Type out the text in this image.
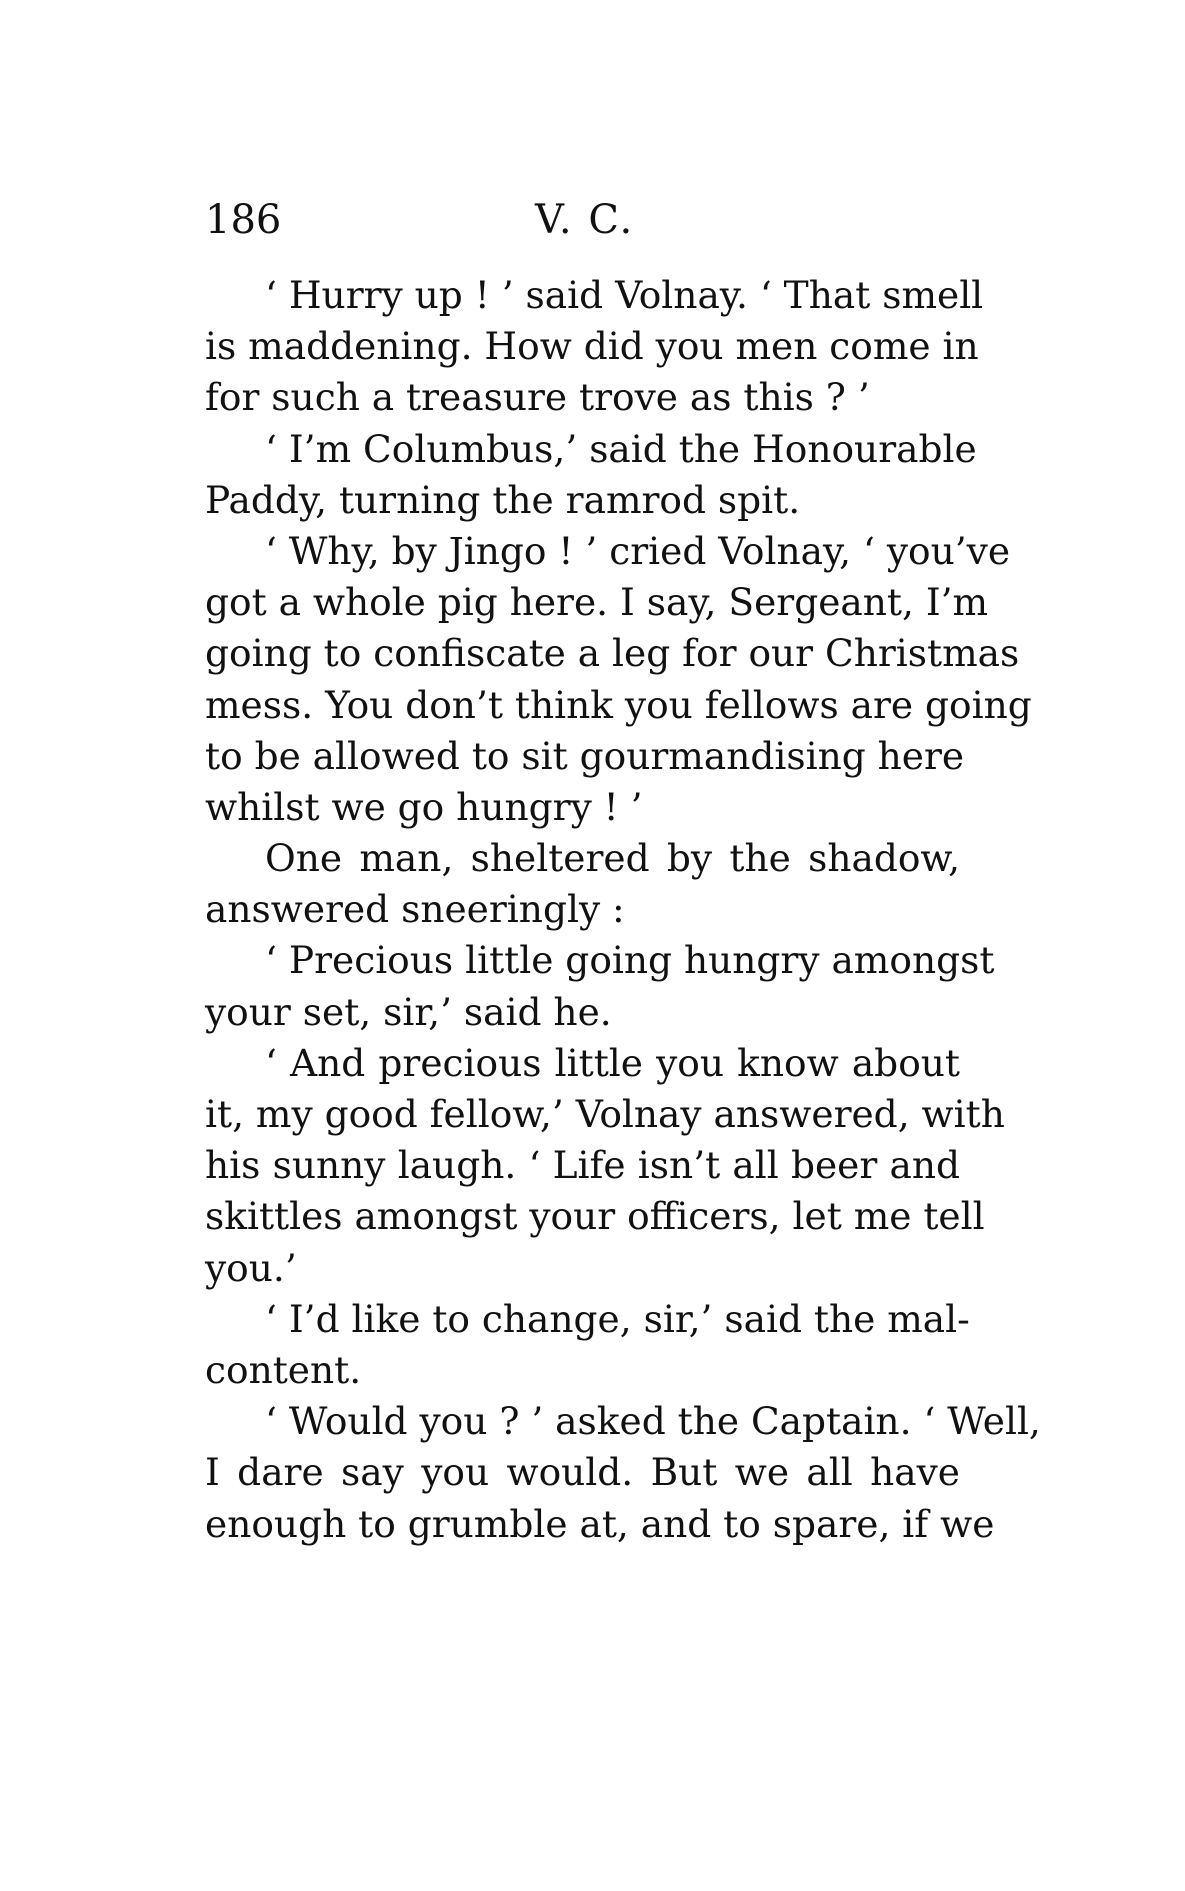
186	V. C.
‘ Hurry up ! ’ said Volnay. ‘ That smell
is maddening. How did you men come in
for such a treasure trove as this ? ’
‘ I’m Columbus,’ said the Honourable
Paddy, turning the ramrod spit.
‘ Why, by Jingo ! ’ cried Volnay, ‘ you’ve
got a whole pig here. I say, Sergeant, I’m
going to confiscate a leg for our Christmas
mess. You don’t think you fellows are going
to be allowed to sit gourmandising here
whilst we go hungry ! ’
One man, sheltered by the shadow,
answered sneeringly :
‘ Precious little going hungry amongst
your set, sir,’ said he.
‘ And precious little you know about
it, my good fellow,’ Volnay answered, with
his sunny laugh. ‘ Life isn’t all beer and
skittles amongst your officers, let me tell
you.’
‘ I’d like to change, sir,’ said the mal-
content.
‘ Would you ? ’ asked the Captain. ‘ Well,
I dare say you would. But we all have
enough to grumble at, and to spare, if we
